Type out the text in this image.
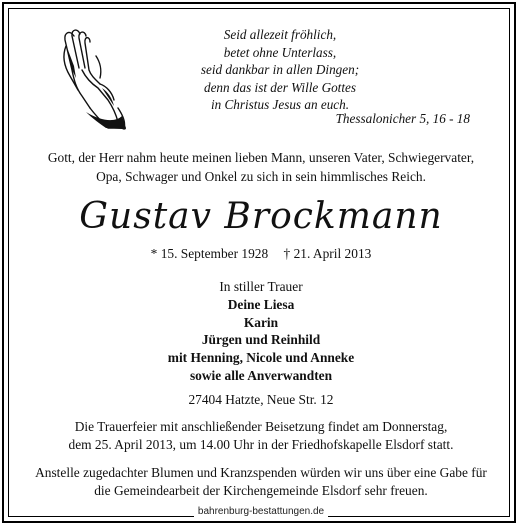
Seid allezeit fröhlich,
betet ohne Unterlass,
seid dankbar in allen Dingen;
denn das ist der Wille Gottes
in Christus Jesus an euch.
Thessalonicher 5, 16 - 18
Gott, der Herr nahm heute meinen lieben Mann, unseren Vater, Schwiegervater,
Opa, Schwager und Onkel zu sich in sein himmlisches Reich.
Gustav Brockmann
* 15. September 1928 † 21. April 2013
In stiller Trauer
Deine Liesa
Karin
Jürgen und Reinhild
mit Henning, Nicole und Anneke
sowie alle Anverwandten
27404 Hatzte, Neue Str. 12
Die Trauerfeier mit anschließender Beisetzung findet am Donnerstag,
dem 25. April 2013, um 14.00 Uhr in der Friedhofskapelle Elsdorf statt.
Anstelle zugedachter Blumen und Kranzspenden würden wir uns über eine Gabe für
die Gemeindearbeit der Kirchengemeinde Elsdorf sehr freuen.
bahrenburg-bestattungen.de
